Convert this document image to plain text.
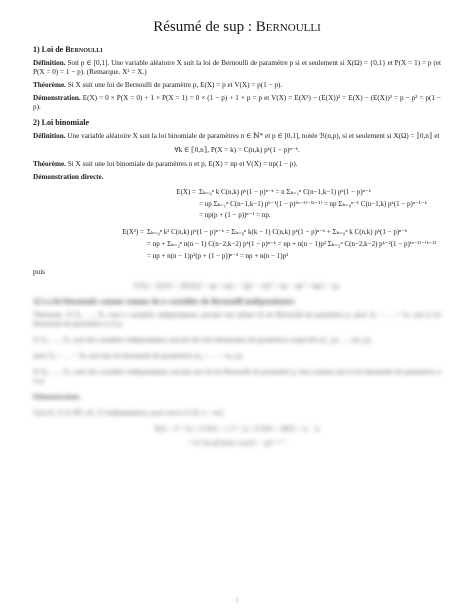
Résumé de sup : Bernoulli
1) Loi de Bernoulli

Définition. Soit p ∈ [0,1]. Une variable aléatoire X suit la loi de Bernoulli de paramètre p si et seulement si X(Ω) = {0,1} et P(X = 1) = p (et P(X = 0) = 1 − p). (Remarque. X² = X.)

Théorème. Si X suit une loi de Bernoulli de paramètre p, E(X) = p et V(X) = p(1 − p).

Démonstration. E(X) = 0 × P(X = 0) + 1 × P(X = 1) = 0 × (1 − p) + 1 × p = p et V(X) = E(X²) − (E(X))² = E(X) − (E(X))² = p − p² = p(1 − p).

2) Loi binomiale

Définition. Une variable aléatoire X suit la loi binomiale de paramètres n ∈ ℕ* et p ∈ [0,1], notée ℬ(n,p), si et seulement si X(Ω) = ⟦0,n⟧ et

∀k ∈ ⟦0,n⟧, P(X = k) = C(n,k) pᵏ(1 − p)ⁿ⁻ᵏ.

Théorème. Si X suit une loi binomiale de paramètres n et p, E(X) = np et V(X) = np(1 − p).

Démonstration directe.

E(X) = Σₖ₌₀ⁿ k C(n,k) pᵏ(1 − p)ⁿ⁻ᵏ = n Σₖ₌₁ⁿ C(n−1,k−1) pᵏ(1 − p)ⁿ⁻ᵏ
= np Σₖ₌₁ⁿ C(n−1,k−1) pᵏ⁻¹(1 − p)⁽ⁿ⁻¹⁾⁻⁽ᵏ⁻¹⁾ = np Σₖ₌₀ⁿ⁻¹ C(n−1,k) pᵏ(1 − p)ⁿ⁻¹⁻ᵏ
= np(p + (1 − p))ⁿ⁻¹ = np.
E(X²) = Σₖ₌₀ⁿ k² C(n,k) pᵏ(1 − p)ⁿ⁻ᵏ = Σₖ₌₀ⁿ k(k − 1) C(n,k) pᵏ(1 − p)ⁿ⁻ᵏ + Σₖ₌₀ⁿ k C(n,k) pᵏ(1 − p)ⁿ⁻ᵏ
= np + Σₖ₌₂ⁿ n(n − 1) C(n−2,k−2) pᵏ(1 − p)ⁿ⁻ᵏ = np + n(n − 1)p² Σₖ₌₂ⁿ C(n−2,k−2) pᵏ⁻²(1 − p)⁽ⁿ⁻²⁾⁻⁽ᵏ⁻²⁾
= np + n(n − 1)p²(p + (1 − p))ⁿ⁻² = np + n(n − 1)p²

puis

V(X) = E(X²) − (E(X))² = np + n(n − 1)p² − n²p² = np − np² = np(1 − p).
3) La loi binomiale comme somme de n variables de Bernoulli indépendantes

Théorème. Si X₁, …, Xₙ sont n variables indépendantes suivant une même loi de Bernoulli de paramètre p, alors X₁ + … + Xₙ suit la loi binomiale de paramètres n et p.

Si X₁, …, Xₙ sont des variables indépendantes suivant des lois binomiales de paramètres respectifs (n₁, p), …, (nₖ, p),

alors X₁ + … + Xₖ suit une loi binomiale de paramètres (n₁ + … + nₖ, p).

Si X₁, …, Xₙ sont des variables indépendantes suivant une loi de Bernoulli de paramètre p, leur somme suit la loi binomiale de paramètres n et p.

Démonstration.

Soit (X, Y) ∈ ℕ², (X, Y) indépendantes, pour tout k ∈ ⟦0, n + m⟧,

P(X + Y = k) = Σ P(X = i, Y = j) = Σ P(X = i)P(Y = k − i)
= Σ C(n,i)C(m,k−i) pᵏ(1 − p)ⁿ⁺ᵐ⁻ᵏ
1
